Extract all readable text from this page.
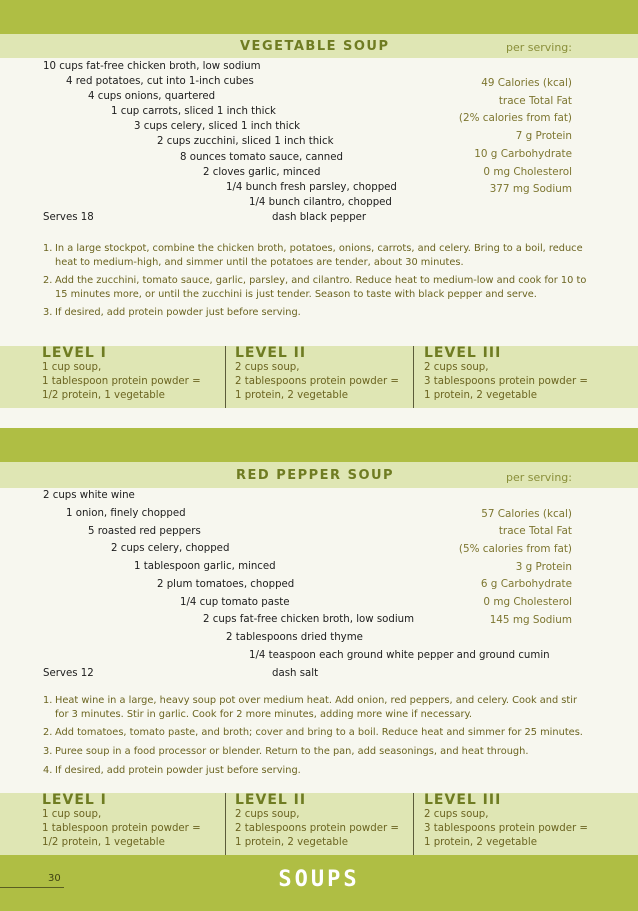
VEGETABLE SOUP	per serving:
10 cups fat-free chicken broth, low sodium
4 red potatoes, cut into 1-inch cubes
4 cups onions, quartered
1 cup carrots, sliced 1 inch thick
3 cups celery, sliced 1 inch thick
2 cups zucchini, sliced 1 inch thick
8 ounces tomato sauce, canned
2 cloves garlic, minced
1/4 bunch fresh parsley, chopped
1/4 bunch cilantro, chopped
dash black pepper
Serves 18
49 Calories (kcal)
trace Total Fat
(2% calories from fat)
7 g Protein
10 g Carbohydrate
0 mg Cholesterol
377 mg Sodium
1. In a large stockpot, combine the chicken broth, potatoes, onions, carrots, and celery. Bring to a boil, reduce heat to medium-high, and simmer until the potatoes are tender, about 30 minutes.
2. Add the zucchini, tomato sauce, garlic, parsley, and cilantro. Reduce heat to medium-low and cook for 10 to 15 minutes more, or until the zucchini is just tender. Season to taste with black pepper and serve.
3. If desired, add protein powder just before serving.
LEVEL I
1 cup soup,
1 tablespoon protein powder =
1/2 protein, 1 vegetable
LEVEL II
2 cups soup,
2 tablespoons protein powder =
1 protein, 2 vegetable
LEVEL III
2 cups soup,
3 tablespoons protein powder =
1 protein, 2 vegetable
RED PEPPER SOUP	per serving:
2 cups white wine
1 onion, finely chopped
5 roasted red peppers
2 cups celery, chopped
1 tablespoon garlic, minced
2 plum tomatoes, chopped
1/4 cup tomato paste
2 cups fat-free chicken broth, low sodium
2 tablespoons dried thyme
1/4 teaspoon each ground white pepper and ground cumin
dash salt
Serves 12
57 Calories (kcal)
trace Total Fat
(5% calories from fat)
3 g Protein
6 g Carbohydrate
0 mg Cholesterol
145 mg Sodium
1. Heat wine in a large, heavy soup pot over medium heat. Add onion, red peppers, and celery. Cook and stir for 3 minutes. Stir in garlic. Cook for 2 more minutes, adding more wine if necessary.
2. Add tomatoes, tomato paste, and broth; cover and bring to a boil. Reduce heat and simmer for 25 minutes.
3. Puree soup in a food processor or blender. Return to the pan, add seasonings, and heat through.
4. If desired, add protein powder just before serving.
LEVEL I
1 cup soup,
1 tablespoon protein powder =
1/2 protein, 1 vegetable
LEVEL II
2 cups soup,
2 tablespoons protein powder =
1 protein, 2 vegetable
LEVEL III
2 cups soup,
3 tablespoons protein powder =
1 protein, 2 vegetable
30	SOUPS
